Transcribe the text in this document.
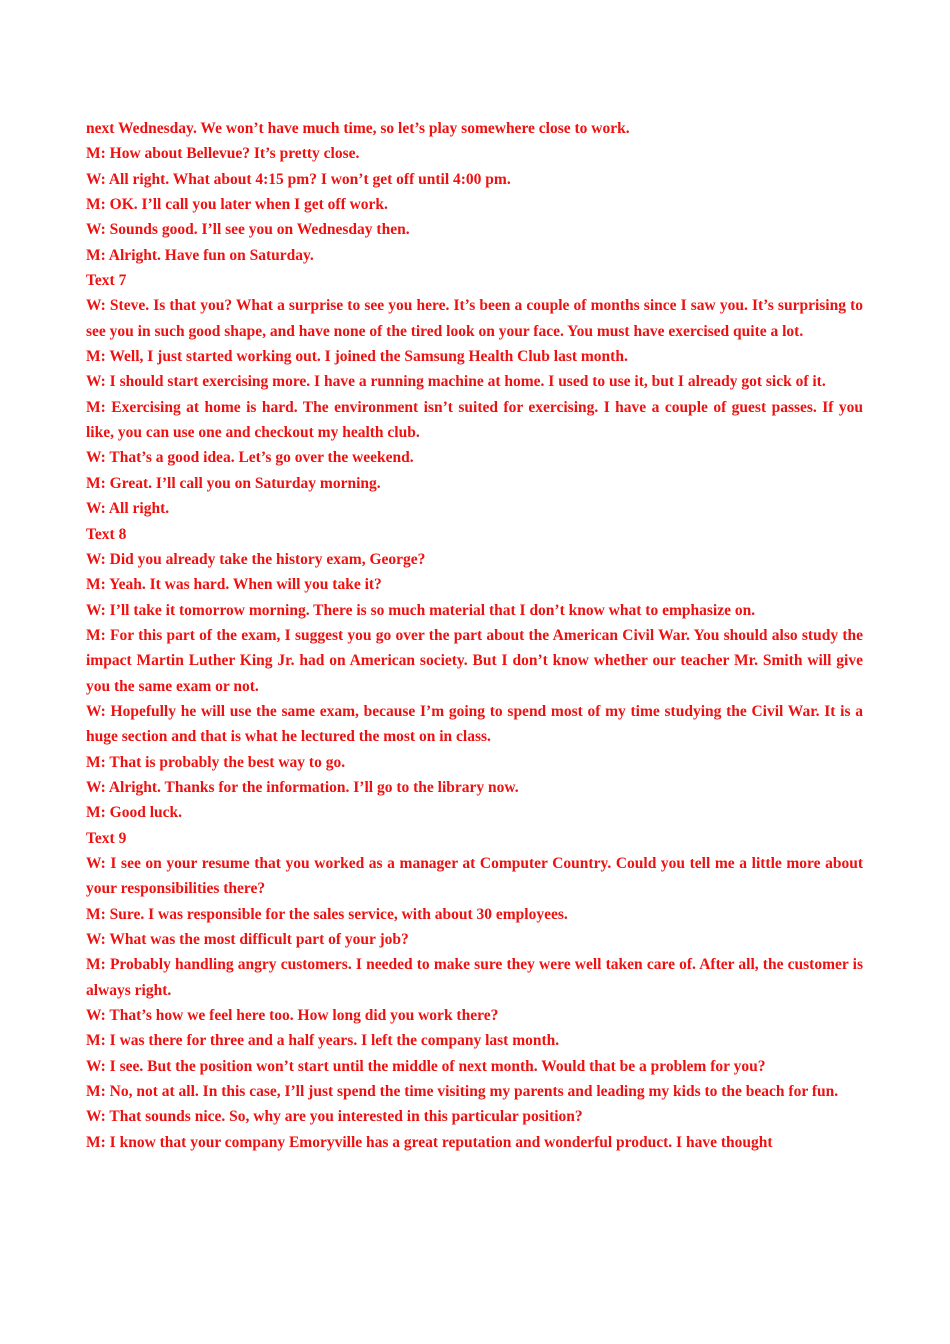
next Wednesday. We won’t have much time, so let’s play somewhere close to work.

M: How about Bellevue? It’s pretty close.

W: All right. What about 4:15 pm? I won’t get off until 4:00 pm.

M: OK. I’ll call you later when I get off work.

W: Sounds good. I’ll see you on Wednesday then.

M: Alright. Have fun on Saturday.

Text 7

W: Steve. Is that you? What a surprise to see you here. It’s been a couple of months since I saw you. It’s surprising to see you in such good shape, and have none of the tired look on your face. You must have exercised quite a lot.

M: Well, I just started working out. I joined the Samsung Health Club last month.

W: I should start exercising more. I have a running machine at home. I used to use it, but I already got sick of it.

M: Exercising at home is hard. The environment isn’t suited for exercising. I have a couple of guest passes. If you like, you can use one and checkout my health club.

W: That’s a good idea. Let’s go over the weekend.

M: Great. I’ll call you on Saturday morning.

W: All right.

Text 8

W: Did you already take the history exam, George?

M: Yeah. It was hard. When will you take it?

W: I’ll take it tomorrow morning. There is so much material that I don’t know what to emphasize on.

M: For this part of the exam, I suggest you go over the part about the American Civil War. You should also study the impact Martin Luther King Jr. had on American society. But I don’t know whether our teacher Mr. Smith will give you the same exam or not.

W: Hopefully he will use the same exam, because I’m going to spend most of my time studying the Civil War. It is a huge section and that is what he lectured the most on in class.

M: That is probably the best way to go.

W: Alright. Thanks for the information. I’ll go to the library now.

M: Good luck.

Text 9

W: I see on your resume that you worked as a manager at Computer Country. Could you tell me a little more about your responsibilities there?

M: Sure. I was responsible for the sales service, with about 30 employees.

W: What was the most difficult part of your job?

M: Probably handling angry customers. I needed to make sure they were well taken care of. After all, the customer is always right.

W: That’s how we feel here too. How long did you work there?

M: I was there for three and a half years. I left the company last month.

W: I see. But the position won’t start until the middle of next month. Would that be a problem for you?

M: No, not at all. In this case, I’ll just spend the time visiting my parents and leading my kids to the beach for fun.

W: That sounds nice. So, why are you interested in this particular position?

M: I know that your company Emoryville has a great reputation and wonderful product. I have thought
